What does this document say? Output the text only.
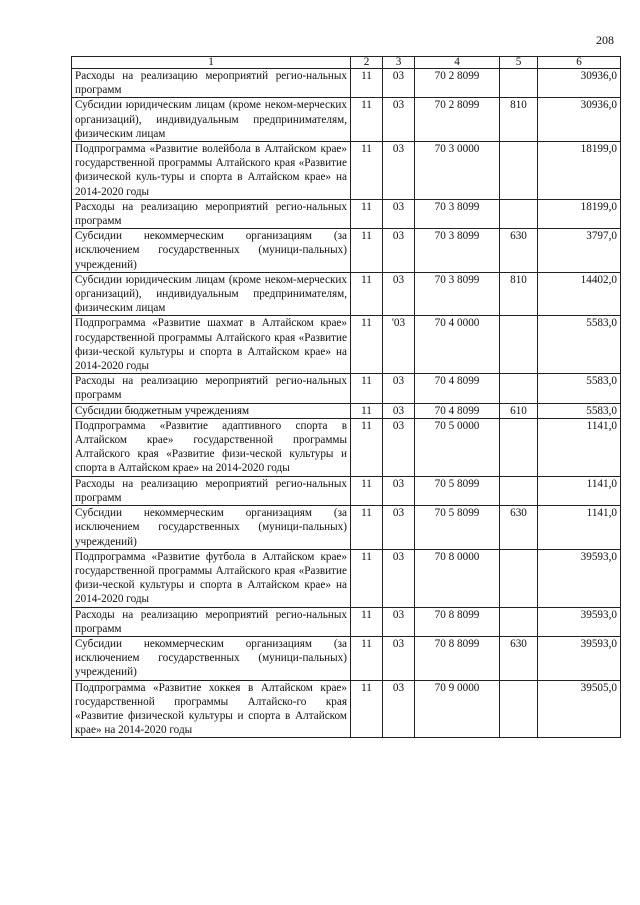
208
1	2	3	4	5	6
Расходы на реализацию мероприятий регио-нальных программ	11	03	70 2 8099		30936,0
Субсидии юридическим лицам (кроме неком-мерческих организаций), индивидуальным предпринимателям, физическим лицам	11	03	70 2 8099	810	30936,0
Подпрограмма «Развитие волейбола в Алтайском крае» государственной программы Алтайского края «Развитие физической куль-туры и спорта в Алтайском крае» на 2014-2020 годы	11	03	70 3 0000		18199,0
Расходы на реализацию мероприятий регио-нальных программ	11	03	70 3 8099		18199,0
Субсидии некоммерческим организациям (за исключением государственных (муници-пальных) учреждений)	11	03	70 3 8099	630	3797,0
Субсидии юридическим лицам (кроме неком-мерческих организаций), индивидуальным предпринимателям, физическим лицам	11	03	70 3 8099	810	14402,0
Подпрограмма «Развитие шахмат в Алтайском крае» государственной программы Алтайского края «Развитие физи-ческой культуры и спорта в Алтайском крае» на 2014-2020 годы	11	'03	70 4 0000		5583,0
Расходы на реализацию мероприятий регио-нальных программ	11	03	70 4 8099		5583,0
Субсидии бюджетным учреждениям	11	03	70 4 8099	610	5583,0
Подпрограмма «Развитие адаптивного спорта в Алтайском крае» государственной программы Алтайского края «Развитие физи-ческой культуры и спорта в Алтайском крае» на 2014-2020 годы	11	03	70 5 0000		1141,0
Расходы на реализацию мероприятий регио-нальных программ	11	03	70 5 8099		1141,0
Субсидии некоммерческим организациям (за исключением государственных (муници-пальных) учреждений)	11	03	70 5 8099	630	1141,0
Подпрограмма «Развитие футбола в Алтайском крае» государственной программы Алтайского края «Развитие физи-ческой культуры и спорта в Алтайском крае» на 2014-2020 годы	11	03	70 8 0000		39593,0
Расходы на реализацию мероприятий регио-нальных программ	11	03	70 8 8099		39593,0
Субсидии некоммерческим организациям (за исключением государственных (муници-пальных) учреждений)	11	03	70 8 8099	630	39593,0
Подпрограмма «Развитие хоккея в Алтайском крае» государственной программы Алтайско-го края «Развитие физической культуры и спорта в Алтайском крае» на 2014-2020 годы	11	03	70 9 0000		39505,0
